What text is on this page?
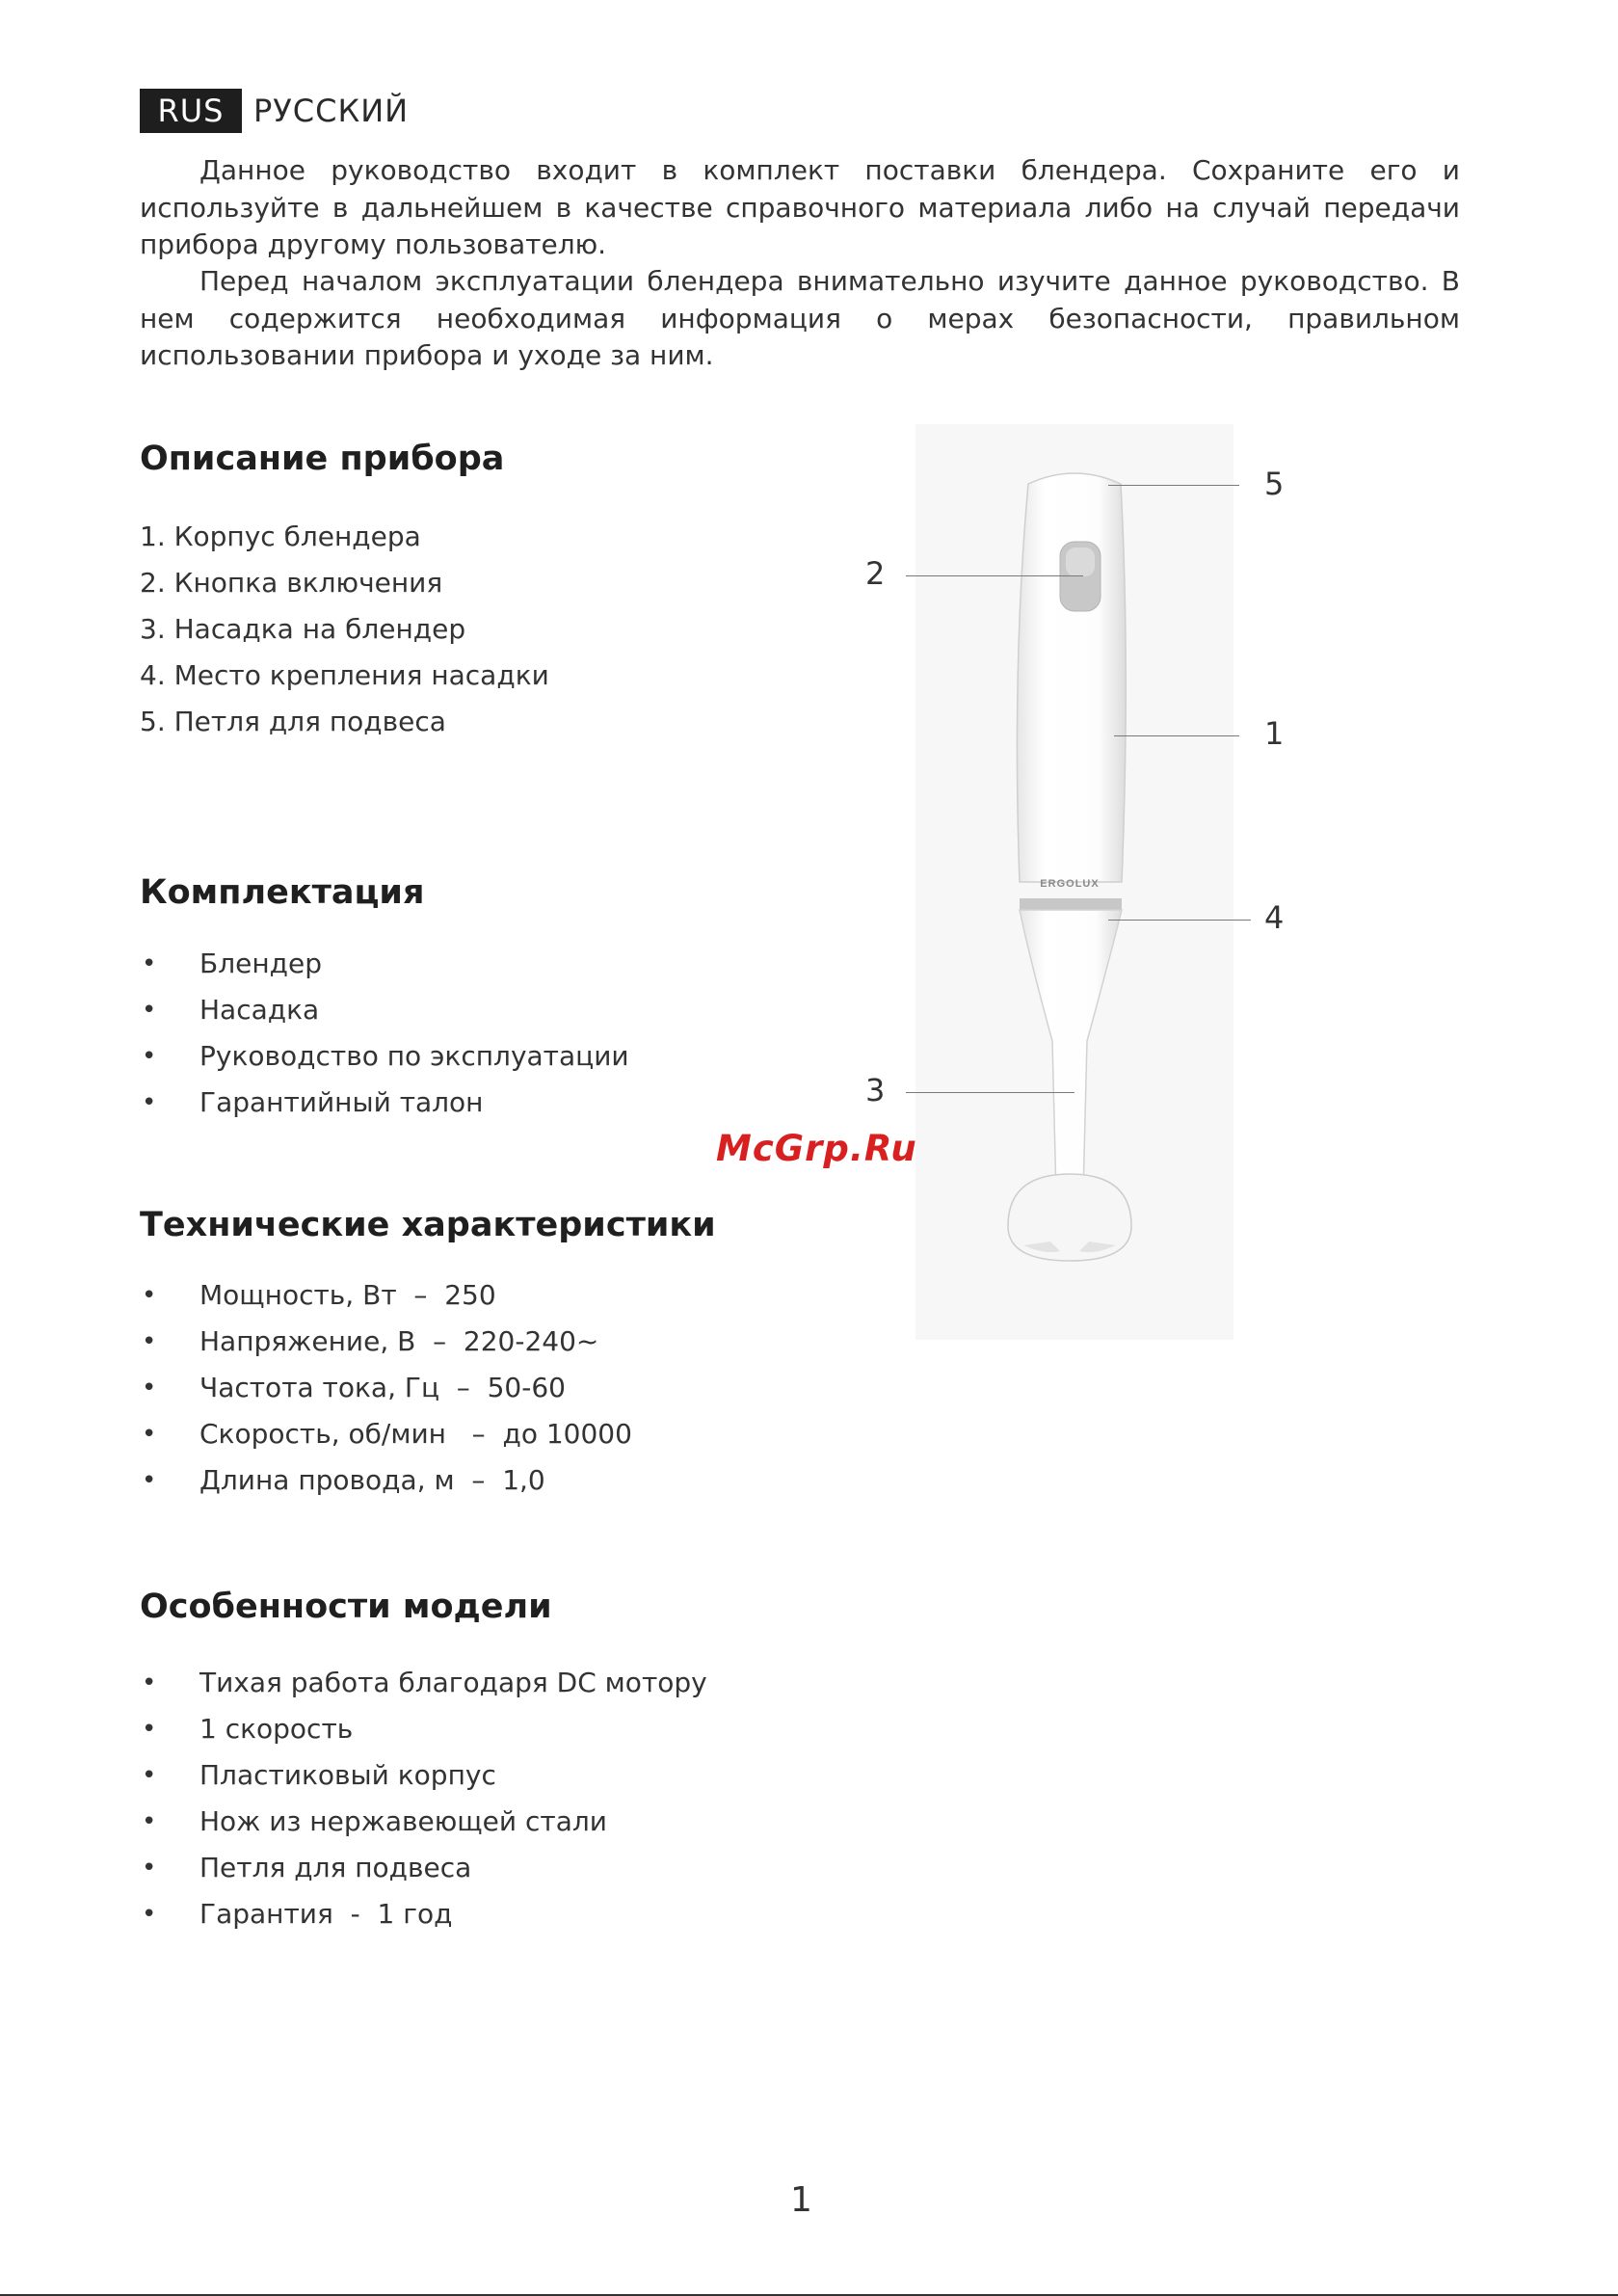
RUS РУССКИЙ

Данное руководство входит в комплект поставки блендера. Сохраните его и используйте в дальнейшем в качестве справочного материала либо на случай передачи прибора другому пользователю.

Перед началом эксплуатации блендера внимательно изучите данное руководство. В нем содержится необходимая информация о мерах безопасности, правильном использовании прибора и уходе за ним.

Описание прибора
1. Корпус блендера
2. Кнопка включения
3. Насадка на блендер
4. Место крепления насадки
5. Петля для подвеса
Комплектация
• Блендер
• Насадка
• Руководство по эксплуатации
• Гарантийный талон
Технические характеристики
• Мощность, Вт  –  250
• Напряжение, В  –  220-240~
• Частота тока, Гц  –  50-60
• Скорость, об/мин   –  до 10000
• Длина провода, м  –  1,0
Особенности модели
• Тихая работа благодаря DC мотору
• 1 скорость
• Пластиковый корпус
• Нож из нержавеющей стали
• Петля для подвеса
• Гарантия  -  1 год
ERGOLUX
5
2
1
4
3
McGrp.Ru
1
